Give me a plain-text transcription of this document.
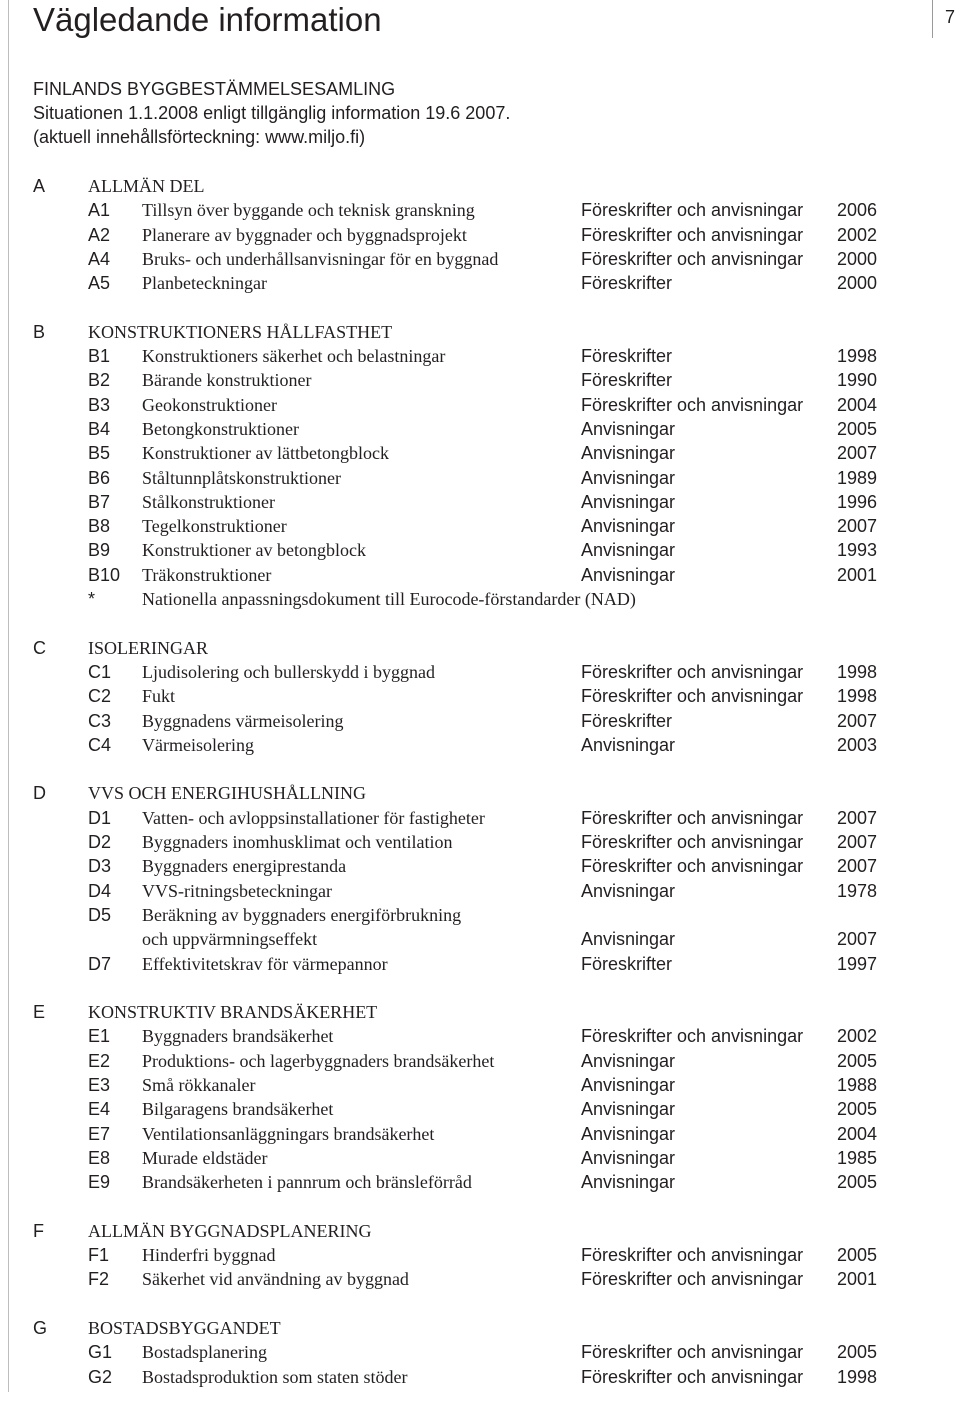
Vägledande information	7
FINLANDS BYGGBESTÄMMELSESAMLING
Situationen 1.1.2008 enligt tillgänglig information 19.6 2007.
(aktuell innehållsförteckning: www.miljo.fi)
A ALLMÄN DEL
A1 Tillsyn över byggande och teknisk granskning	Föreskrifter och anvisningar 2006
A2 Planerare av byggnader och byggnadsprojekt	Föreskrifter och anvisningar 2002
A4 Bruks- och underhållsanvisningar för en byggnad	Föreskrifter och anvisningar 2000
A5 Planbeteckningar	Föreskrifter	2000
B KONSTRUKTIONERS HÅLLFASTHET
B1 Konstruktioners säkerhet och belastningar	Föreskrifter	1998
B2 Bärande konstruktioner	Föreskrifter	1990
B3 Geokonstruktioner	Föreskrifter och anvisningar 2004
B4 Betongkonstruktioner	Anvisningar	2005
B5 Konstruktioner av lättbetongblock	Anvisningar	2007
B6 Ståltunnplåtskonstruktioner	Anvisningar	1989
B7 Stålkonstruktioner	Anvisningar	1996
B8 Tegelkonstruktioner	Anvisningar	2007
B9 Konstruktioner av betongblock	Anvisningar	1993
B10 Träkonstruktioner	Anvisningar	2001
*	Nationella anpassningsdokument till Eurocode-förstandarder (NAD)
C ISOLERINGAR
C1 Ljudisolering och bullerskydd i byggnad	Föreskrifter och anvisningar 1998
C2 Fukt	Föreskrifter och anvisningar 1998
C3 Byggnadens värmeisolering	Föreskrifter	2007
C4 Värmeisolering	Anvisningar	2003
D VVS OCH ENERGIHUSHÅLLNING
D1 Vatten- och avloppsinstallationer för fastigheter	Föreskrifter och anvisningar 2007
D2 Byggnaders inomhusklimat och ventilation	Föreskrifter och anvisningar 2007
D3 Byggnaders energiprestanda	Föreskrifter och anvisningar 2007
D4 VVS-ritningsbeteckningar	Anvisningar	1978
D5 Beräkning av byggnaders energiförbrukning
och uppvärmningseffekt	Anvisningar	2007
D7 Effektivitetskrav för värmepannor	Föreskrifter	1997
E KONSTRUKTIV BRANDSÄKERHET
E1 Byggnaders brandsäkerhet	Föreskrifter och anvisningar 2002
E2 Produktions- och lagerbyggnaders brandsäkerhet	Anvisningar	2005
E3 Små rökkanaler	Anvisningar	1988
E4 Bilgaragens brandsäkerhet	Anvisningar	2005
E7 Ventilationsanläggningars brandsäkerhet	Anvisningar	2004
E8 Murade eldstäder	Anvisningar	1985
E9 Brandsäkerheten i pannrum och bränsleförråd	Anvisningar	2005
F ALLMÄN BYGGNADSPLANERING
F1 Hinderfri byggnad	Föreskrifter och anvisningar 2005
F2 Säkerhet vid användning av byggnad	Föreskrifter och anvisningar 2001
G BOSTADSBYGGANDET
G1 Bostadsplanering	Föreskrifter och anvisningar 2005
G2 Bostadsproduktion som staten stöder	Föreskrifter och anvisningar 1998
